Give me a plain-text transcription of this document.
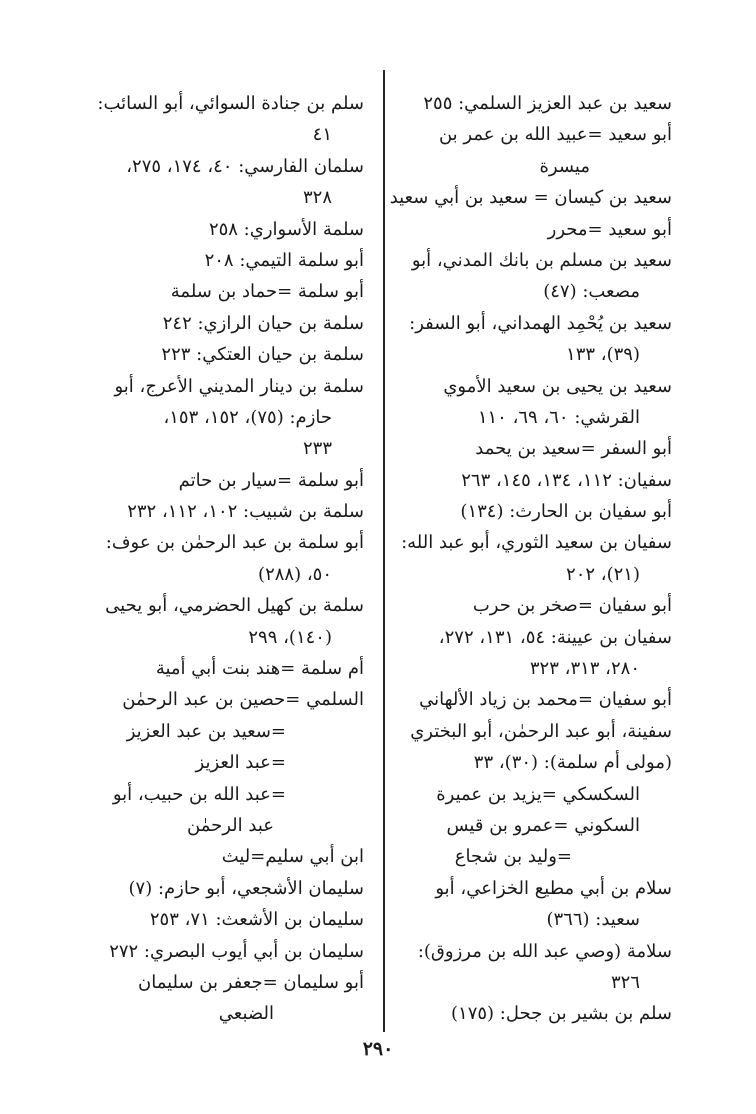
سعيد بن عبد العزيز السلمي: ٢٥٥
أبو سعيد =عبيد الله بن عمر بن
ميسرة
سعيد بن كيسان = سعيد بن أبي سعيد
أبو سعيد =محرر
سعيد بن مسلم بن بانك المدني، أبو
مصعب: (٤٧)
سعيد بن يُحْمِد الهمداني، أبو السفر:
(٣٩)، ١٣٣
سعيد بن يحيى بن سعيد الأموي
القرشي: ٦٠، ٦٩، ١١٠
أبو السفر =سعيد بن يحمد
سفيان: ١١٢، ١٣٤، ١٤٥، ٢٦٣
أبو سفيان بن الحارث: (١٣٤)
سفيان بن سعيد الثوري، أبو عبد الله:
(٢١)، ٢٠٢
أبو سفيان =صخر بن حرب
سفيان بن عيينة: ٥٤، ١٣١، ٢٧٢،
٢٨٠، ٣١٣، ٣٢٣
أبو سفيان =محمد بن زياد الألهاني
سفينة، أبو عبد الرحمٰن، أبو البختري
(مولى أم سلمة): (٣٠)، ٣٣
السكسكي =يزيد بن عميرة
السكوني =عمرو بن قيس
=وليد بن شجاع
سلام بن أبي مطيع الخزاعي، أبو
سعيد: (٣٦٦)
سلامة (وصي عبد الله بن مرزوق):
٣٢٦
سلم بن بشير بن جحل: (١٧٥)
سلم بن جنادة السوائي، أبو السائب:
٤١
سلمان الفارسي: ٤٠، ١٧٤، ٢٧٥،
٣٢٨
سلمة الأسواري: ٢٥٨
أبو سلمة التيمي: ٢٠٨
أبو سلمة =حماد بن سلمة
سلمة بن حيان الرازي: ٢٤٢
سلمة بن حيان العتكي: ٢٢٣
سلمة بن دينار المديني الأعرج، أبو
حازم: (٧٥)، ١٥٢، ١٥٣،
٢٣٣
أبو سلمة =سيار بن حاتم
سلمة بن شبيب: ١٠٢، ١١٢، ٢٣٢
أبو سلمة بن عبد الرحمٰن بن عوف:
٥٠، (٢٨٨)
سلمة بن كهيل الحضرمي، أبو يحيى
(١٤٠)، ٢٩٩
أم سلمة =هند بنت أبي أمية
السلمي =حصين بن عبد الرحمٰن
=سعيد بن عبد العزيز
=عبد العزيز
=عبد الله بن حبيب، أبو
عبد الرحمٰن
ابن أبي سليم=ليث
سليمان الأشجعي، أبو حازم: (٧)
سليمان بن الأشعث: ٧١، ٢٥٣
سليمان بن أبي أيوب البصري: ٢٧٢
أبو سليمان =جعفر بن سليمان
الضبعي
٢٩٠
